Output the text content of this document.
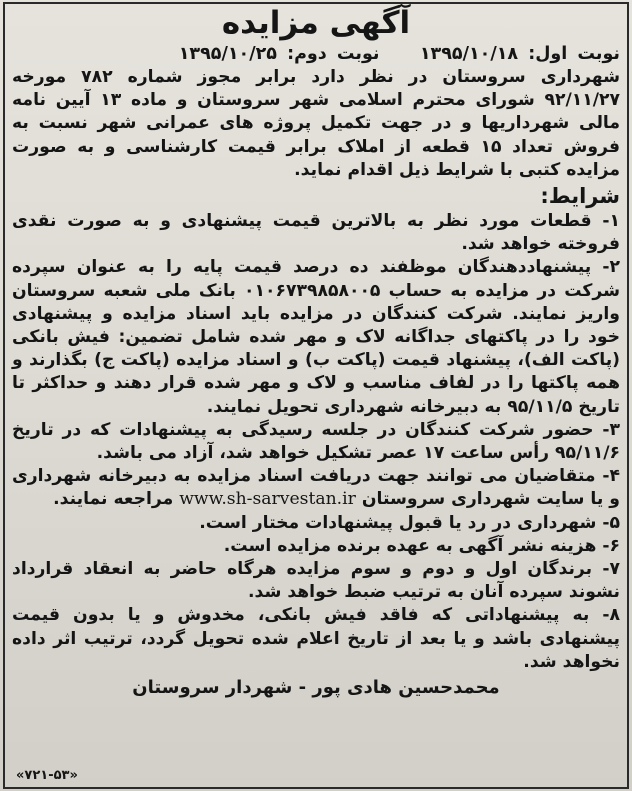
آگهی مزایده
نوبت اول: ۱۳۹۵/۱۰/۱۸    نوبت دوم: ۱۳۹۵/۱۰/۲۵

شهرداری سروستان در نظر دارد برابر مجوز شماره ۷۸۲ مورخه ۹۲/۱۱/۲۷ شورای محترم اسلامی شهر سروستان و ماده ۱۳ آیین نامه مالی شهرداریها و در جهت تکمیل پروژه های عمرانی شهر نسبت به فروش تعداد ۱۵ قطعه از املاک برابر قیمت کارشناسی و به صورت مزایده کتبی با شرایط ذیل اقدام نماید.

شرایط:

۱- قطعات مورد نظر به بالاترین قیمت پیشنهادی و به صورت نقدی فروخته خواهد شد.

۲- پیشنهاددهندگان موظفند ده درصد قیمت پایه را به عنوان سپرده شرکت در مزایده به حساب ۰۱۰۶۷۳۹۸۵۸۰۰۵ بانک ملی شعبه سروستان واریز نمایند. شرکت کنندگان در مزایده باید اسناد مزایده و پیشنهادی خود را در پاکتهای جداگانه لاک و مهر شده شامل تضمین: فیش بانکی (پاکت الف)، پیشنهاد قیمت (پاکت ب) و اسناد مزایده (پاکت ج) بگذارند و همه پاکتها را در لفاف مناسب و لاک و مهر شده قرار دهند و حداکثر تا تاریخ ۹۵/۱۱/۵ به دبیرخانه شهرداری تحویل نمایند.

۳- حضور شرکت کنندگان در جلسه رسیدگی به پیشنهادات که در تاریخ ۹۵/۱۱/۶ رأس ساعت ۱۷ عصر تشکیل خواهد شد، آزاد می باشد.

۴- متقاضیان می توانند جهت دریافت اسناد مزایده به دبیرخانه شهرداری و یا سایت شهرداری سروستان www.sh-sarvestan.ir مراجعه نمایند.

۵- شهرداری در رد یا قبول پیشنهادات مختار است.

۶- هزینه نشر آگهی به عهده برنده مزایده است.

۷- برندگان اول و دوم و سوم مزایده هرگاه حاضر به انعقاد قرارداد نشوند سپرده آنان به ترتیب ضبط خواهد شد.

۸- به پیشنهاداتی که فاقد فیش بانکی، مخدوش و یا بدون قیمت پیشنهادی باشد و یا بعد از تاریخ اعلام شده تحویل گردد، ترتیب اثر داده نخواهد شد.

محمدحسین هادی پور - شهردار سروستان
«۷۲۱-۵۳»
